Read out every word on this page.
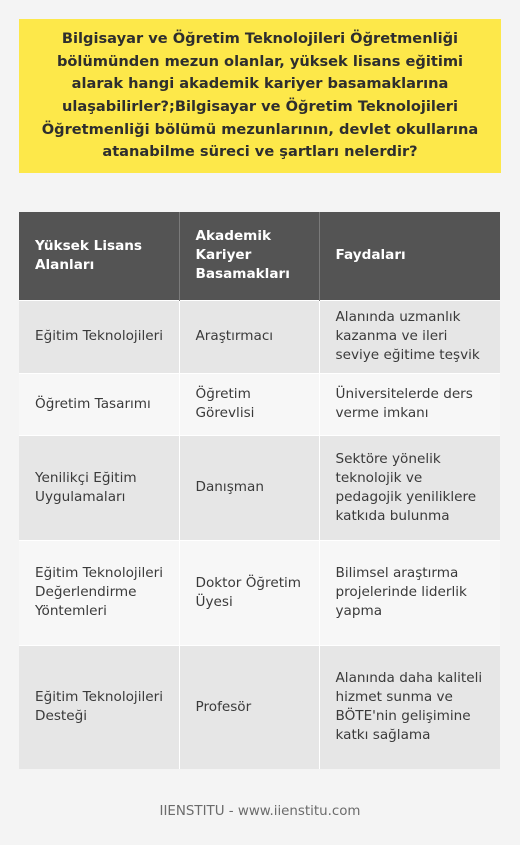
Bilgisayar ve Öğretim Teknolojileri Öğretmenliği bölümünden mezun olanlar, yüksek lisans eğitimi alarak hangi akademik kariyer basamaklarına ulaşabilirler?;Bilgisayar ve Öğretim Teknolojileri Öğretmenliği bölümü mezunlarının, devlet okullarına atanabilme süreci ve şartları nelerdir?

Yüksek Lisans Alanları	Akademik Kariyer Basamakları	Faydaları
Eğitim Teknolojileri	Araştırmacı	Alanında uzmanlık kazanma ve ileri seviye eğitime teşvik
Öğretim Tasarımı	Öğretim Görevlisi	Üniversitelerde ders verme imkanı
Yenilikçi Eğitim Uygulamaları	Danışman	Sektöre yönelik teknolojik ve pedagojik yeniliklere katkıda bulunma
Eğitim Teknolojileri Değerlendirme Yöntemleri	Doktor Öğretim Üyesi	Bilimsel araştırma projelerinde liderlik yapma
Eğitim Teknolojileri Desteği	Profesör	Alanında daha kaliteli hizmet sunma ve BÖTE'nin gelişimine katkı sağlama
IIENSTITU - www.iienstitu.com
